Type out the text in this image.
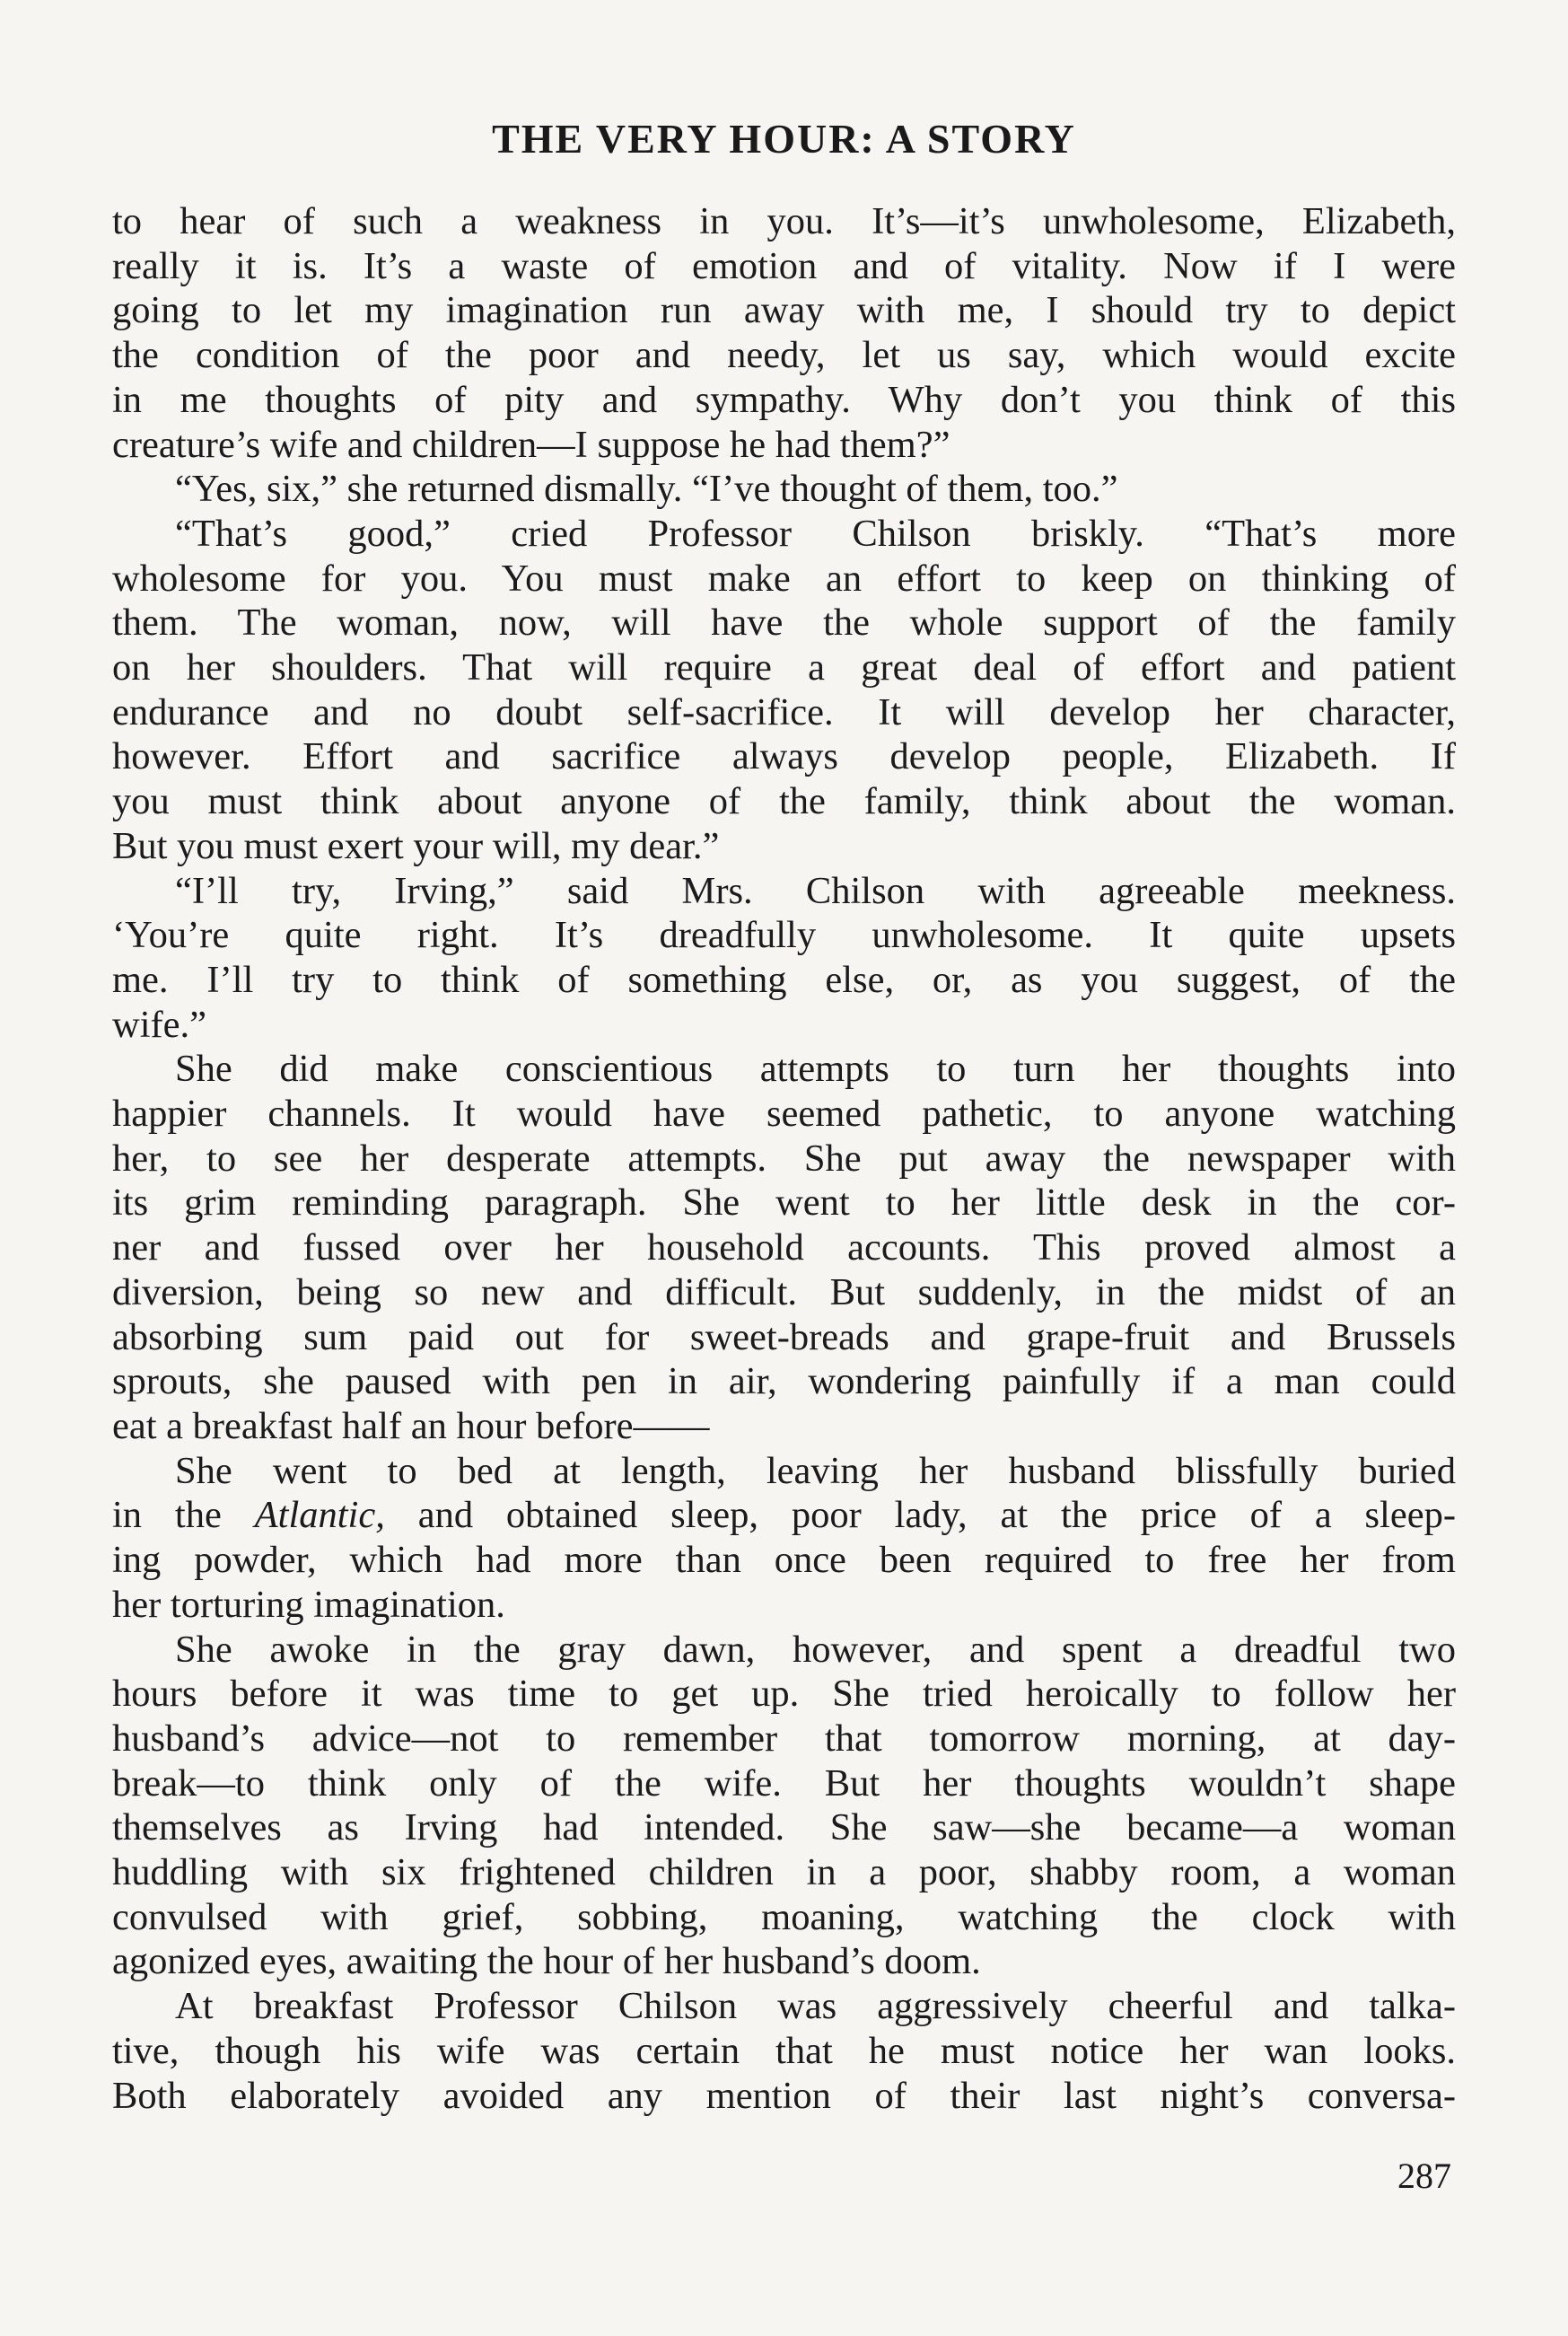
THE VERY HOUR: A STORY
to hear of such a weakness in you. It’s—it’s unwholesome, Elizabeth,
really it is. It’s a waste of emotion and of vitality. Now if I were
going to let my imagination run away with me, I should try to depict
the condition of the poor and needy, let us say, which would excite
in me thoughts of pity and sympathy. Why don’t you think of this
creature’s wife and children—I suppose he had them?”
“Yes, six,” she returned dismally. “I’ve thought of them, too.”
“That’s good,” cried Professor Chilson briskly. “That’s more
wholesome for you. You must make an effort to keep on thinking of
them. The woman, now, will have the whole support of the family
on her shoulders. That will require a great deal of effort and patient
endurance and no doubt self-sacrifice. It will develop her character,
however. Effort and sacrifice always develop people, Elizabeth. If
you must think about anyone of the family, think about the woman.
But you must exert your will, my dear.”
“I’ll try, Irving,” said Mrs. Chilson with agreeable meekness.
‘You’re quite right. It’s dreadfully unwholesome. It quite upsets
me. I’ll try to think of something else, or, as you suggest, of the
wife.”
She did make conscientious attempts to turn her thoughts into
happier channels. It would have seemed pathetic, to anyone watching
her, to see her desperate attempts. She put away the newspaper with
its grim reminding paragraph. She went to her little desk in the cor-
ner and fussed over her household accounts. This proved almost a
diversion, being so new and difficult. But suddenly, in the midst of an
absorbing sum paid out for sweet-breads and grape-fruit and Brussels
sprouts, she paused with pen in air, wondering painfully if a man could
eat a breakfast half an hour before——
She went to bed at length, leaving her husband blissfully buried
in the Atlantic, and obtained sleep, poor lady, at the price of a sleep-
ing powder, which had more than once been required to free her from
her torturing imagination.
She awoke in the gray dawn, however, and spent a dreadful two
hours before it was time to get up. She tried heroically to follow her
husband’s advice—not to remember that tomorrow morning, at day-
break—to think only of the wife. But her thoughts wouldn’t shape
themselves as Irving had intended. She saw—she became—a woman
huddling with six frightened children in a poor, shabby room, a woman
convulsed with grief, sobbing, moaning, watching the clock with
agonized eyes, awaiting the hour of her husband’s doom.
At breakfast Professor Chilson was aggressively cheerful and talka-
tive, though his wife was certain that he must notice her wan looks.
Both elaborately avoided any mention of their last night’s conversa-
287
